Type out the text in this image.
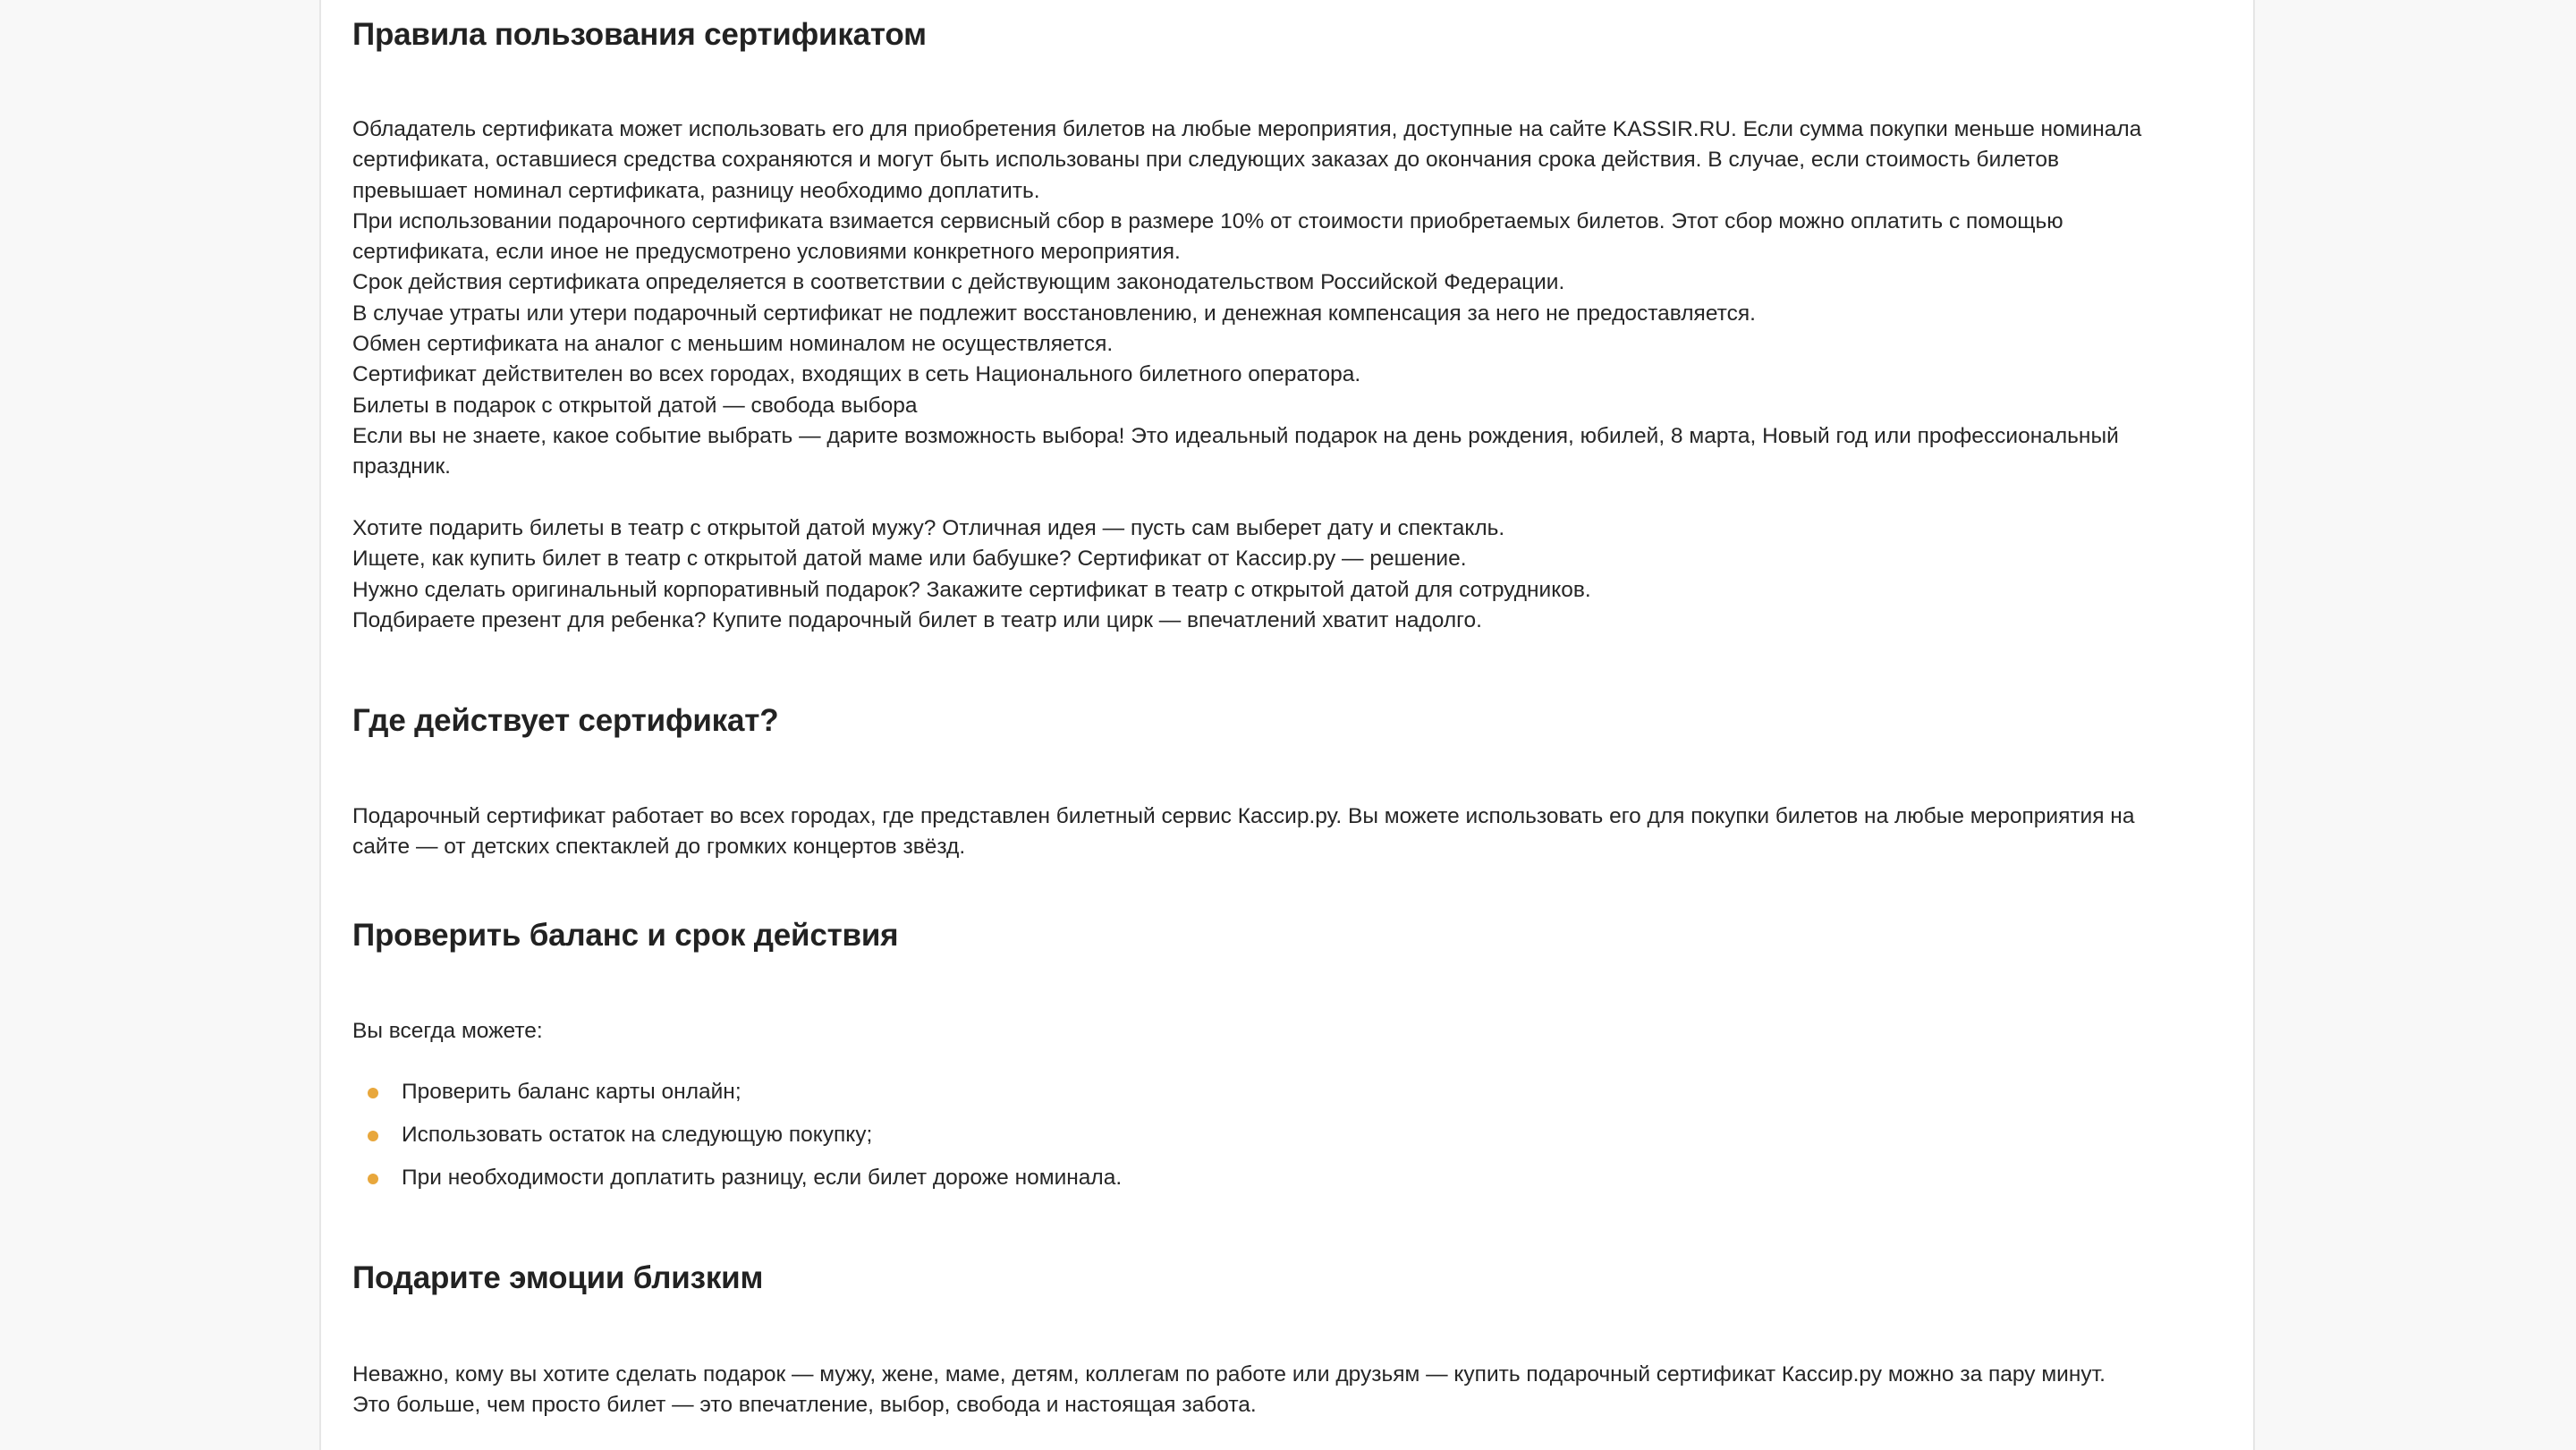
Правила пользования сертификатом

Обладатель сертификата может использовать его для приобретения билетов на любые мероприятия, доступные на сайте KASSIR.RU. Если сумма покупки меньше номинала

сертификата, оставшиеся средства сохраняются и могут быть использованы при следующих заказах до окончания срока действия. В случае, если стоимость билетов

превышает номинал сертификата, разницу необходимо доплатить.

При использовании подарочного сертификата взимается сервисный сбор в размере 10% от стоимости приобретаемых билетов. Этот сбор можно оплатить с помощью

сертификата, если иное не предусмотрено условиями конкретного мероприятия.

Срок действия сертификата определяется в соответствии с действующим законодательством Российской Федерации.

В случае утраты или утери подарочный сертификат не подлежит восстановлению, и денежная компенсация за него не предоставляется.

Обмен сертификата на аналог с меньшим номиналом не осуществляется.

Сертификат действителен во всех городах, входящих в сеть Национального билетного оператора.

Билеты в подарок с открытой датой — свобода выбора

Если вы не знаете, какое событие выбрать — дарите возможность выбора! Это идеальный подарок на день рождения, юбилей, 8 марта, Новый год или профессиональный

праздник.

Хотите подарить билеты в театр с открытой датой мужу? Отличная идея — пусть сам выберет дату и спектакль.

Ищете, как купить билет в театр с открытой датой маме или бабушке? Сертификат от Кассир.ру — решение.

Нужно сделать оригинальный корпоративный подарок? Закажите сертификат в театр с открытой датой для сотрудников.

Подбираете презент для ребенка? Купите подарочный билет в театр или цирк — впечатлений хватит надолго.

Где действует сертификат?

Подарочный сертификат работает во всех городах, где представлен билетный сервис Кассир.ру. Вы можете использовать его для покупки билетов на любые мероприятия на

сайте — от детских спектаклей до громких концертов звёзд.

Проверить баланс и срок действия

Вы всегда можете:

Проверить баланс карты онлайн;
Использовать остаток на следующую покупку;
При необходимости доплатить разницу, если билет дороже номинала.
Подарите эмоции близким

Неважно, кому вы хотите сделать подарок — мужу, жене, маме, детям, коллегам по работе или друзьям — купить подарочный сертификат Кассир.ру можно за пару минут.

Это больше, чем просто билет — это впечатление, выбор, свобода и настоящая забота.
